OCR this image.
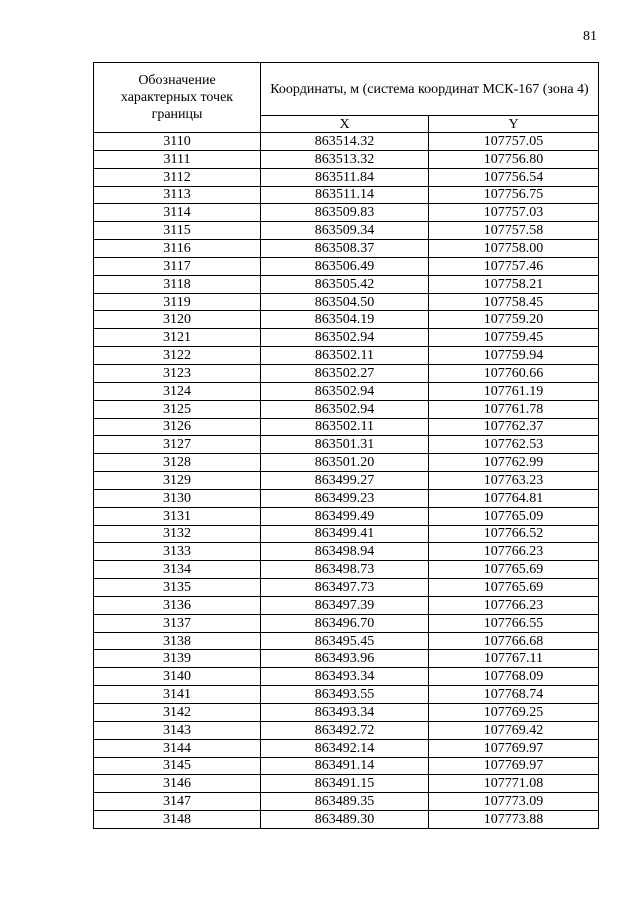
81
Обозначение характерных точек границы	Координаты, м (система координат МСК-167 (зона 4)	
	X	Y
3110	863514.32	107757.05
3111	863513.32	107756.80
3112	863511.84	107756.54
3113	863511.14	107756.75
3114	863509.83	107757.03
3115	863509.34	107757.58
3116	863508.37	107758.00
3117	863506.49	107757.46
3118	863505.42	107758.21
3119	863504.50	107758.45
3120	863504.19	107759.20
3121	863502.94	107759.45
3122	863502.11	107759.94
3123	863502.27	107760.66
3124	863502.94	107761.19
3125	863502.94	107761.78
3126	863502.11	107762.37
3127	863501.31	107762.53
3128	863501.20	107762.99
3129	863499.27	107763.23
3130	863499.23	107764.81
3131	863499.49	107765.09
3132	863499.41	107766.52
3133	863498.94	107766.23
3134	863498.73	107765.69
3135	863497.73	107765.69
3136	863497.39	107766.23
3137	863496.70	107766.55
3138	863495.45	107766.68
3139	863493.96	107767.11
3140	863493.34	107768.09
3141	863493.55	107768.74
3142	863493.34	107769.25
3143	863492.72	107769.42
3144	863492.14	107769.97
3145	863491.14	107769.97
3146	863491.15	107771.08
3147	863489.35	107773.09
3148	863489.30	107773.88
